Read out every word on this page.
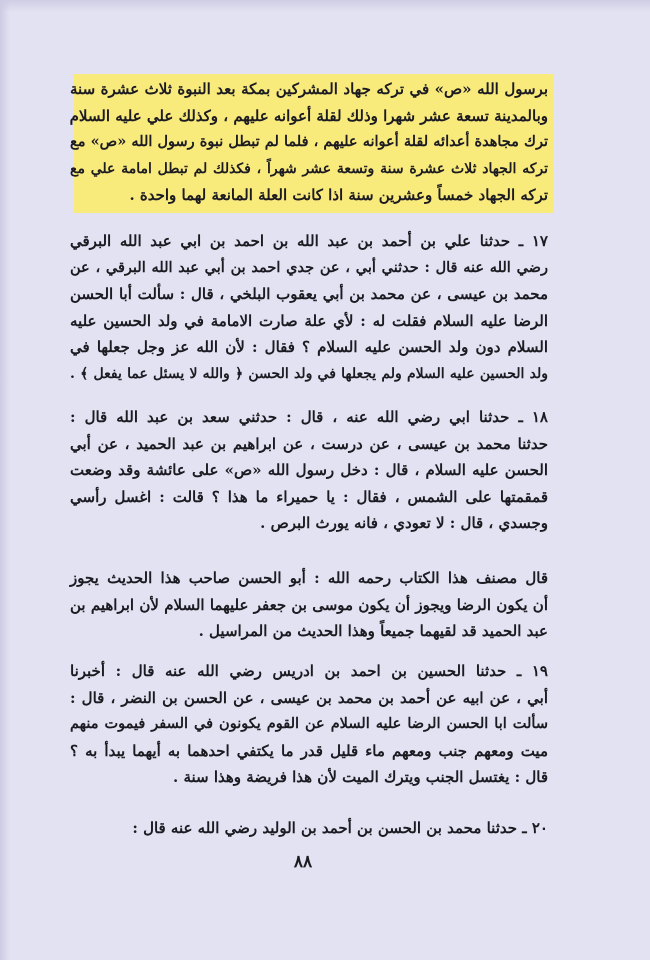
برسول الله «ص» في تركه جهاد المشركين بمكة بعد النبوة ثلاث عشرة سنة
وبالمدينة تسعة عشر شهرا وذلك لقلة أعوانه عليهم ، وكذلك علي عليه السلام
ترك مجاهدة أعدائه لقلة أعوانه عليهم ، فلما لم تبطل نبوة رسول الله «ص» مع
تركه الجهاد ثلاث عشرة سنة وتسعة عشر شهراً ، فكذلك لم تبطل امامة علي مع
تركه الجهاد خمساً وعشرين سنة اذا كانت العلة المانعة لهما واحدة .
١٧ ـ حدثنا علي بن أحمد بن عبد الله بن احمد بن ابي عبد الله البرقي
رضي الله عنه قال : حدثني أبي ، عن جدي احمد بن أبي عبد الله البرقي ، عن
محمد بن عيسى ، عن محمد بن أبي يعقوب البلخي ، قال : سألت أبا الحسن
الرضا عليه السلام فقلت له : لأي علة صارت الامامة في ولد الحسين عليه
السلام دون ولد الحسن عليه السلام ؟ فقال : لأن الله عز وجل جعلها في
ولد الحسين عليه السلام ولم يجعلها في ولد الحسن ﴿ والله لا يسئل عما يفعل ﴾ .
١٨ ـ حدثنا ابي رضي الله عنه ، قال : حدثني سعد بن عبد الله قال :
حدثنا محمد بن عيسى ، عن درست ، عن ابراهيم بن عبد الحميد ، عن أبي
الحسن عليه السلام ، قال : دخل رسول الله «ص» على عائشة وقد وضعت
قمقمتها على الشمس ، فقال : يا حميراء ما هذا ؟ قالت : اغسل رأسي
وجسدي ، قال : لا تعودي ، فانه يورث البرص .
قال مصنف هذا الكتاب رحمه الله : أبو الحسن صاحب هذا الحديث يجوز
أن يكون الرضا ويجوز أن يكون موسى بن جعفر عليهما السلام لأن ابراهيم بن
عبد الحميد قد لقيهما جميعاً وهذا الحديث من المراسيل .
١٩ ـ حدثنا الحسين بن احمد بن ادريس رضي الله عنه قال : أخبرنا
أبي ، عن ابيه عن أحمد بن محمد بن عيسى ، عن الحسن بن النضر ، قال :
سألت ابا الحسن الرضا عليه السلام عن القوم يكونون في السفر فيموت منهم
ميت ومعهم جنب ومعهم ماء قليل قدر ما يكتفي احدهما به أيهما يبدأ به ؟
قال : يغتسل الجنب ويترك الميت لأن هذا فريضة وهذا سنة .
٢٠ ـ حدثنا محمد بن الحسن بن أحمد بن الوليد رضي الله عنه قال :
٨٨
